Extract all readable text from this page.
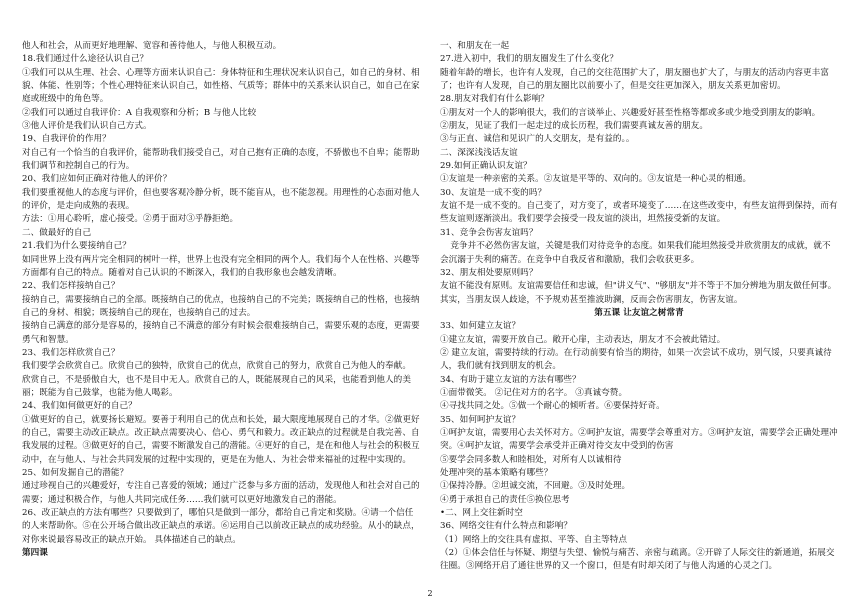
他人和社会，从而更好地理解、宽容和善待他人，与他人积极互动。

18.我们通过什么途径认识自己？

①我们可以从生理、社会、心理等方面来认识自己：身体特征和生理状况来认识自己，如自己的身材、相貌、体能、性别等；个性心理特征来认识自己，如性格、气质等；群体中的关系来认识自己，如自己在家庭或班级中的角色等。

②我们可以通过自我评价：A 自我观察和分析；B 与他人比较

③他人评价是我们认识自己方式。

19、自我评价的作用？

对自己有一个恰当的自我评价，能帮助我们接受自己，对自己抱有正确的态度，不骄傲也不自卑；能帮助我们调节和控制自己的行为。

20、我们应如何正确对待他人的评价？

我们要重视他人的态度与评价，但也要客观冷静分析，既不能盲从，也不能忽视。用理性的心态面对他人的评价，是走向成熟的表现。

方法：①用心聆听，虚心接受。②勇于面对③乎静拒绝。

二、做最好的自己

21.我们为什么要接纳自己？

如同世界上没有两片完全相同的树叶一样，世界上也没有完全相同的两个人。我们每个人在性格、兴趣等方面都有自己的特点。随着对自己认识的不断深入，我们的自我形象也会越发清晰。

22、我们怎样接纳自己？

接纳自己，需要接纳自己的全部。既接纳自己的优点，也接纳自己的不完美；既接纳自己的性格，也接纳自己的身材、相貌；既接纳自己的现在，也接纳自己的过去。

接纳自己满意的部分是容易的，接纳自己不满意的部分有时候会很难接纳自己，需要乐观的态度，更需要勇气和智慧。

23、我们怎样欣赏自己？

我们要学会欣赏自己。欣赏自己的独特，欣赏自己的优点，欣赏自己的努力，欣赏自己为他人的奉献。

欣赏自己，不是骄傲自大，也不是目中无人。欣赏自己的人，既能展现自己的风采，也能看到他人的美丽；既能为自己鼓掌，也能为他人喝彩。

24、我们如何做更好的自己？

①做更好的自己，就要扬长避短。要善于利用自己的优点和长处，最大限度地展现自己的才华。②做更好的自己，需要主动改正缺点。改正缺点需要决心、信心、勇气和毅力。改正缺点的过程就是自我完善、自我发展的过程。③做更好的自己，需要不断激发自己的潜能。④更好的自己，是在和他人与社会的积极互动中，在与他人、与社会共同发展的过程中实现的，更是在为他人、为社会带来福祉的过程中实现的。

25、如何发掘自己的潜能？

通过珍视自己的兴趣爱好，专注自己喜爱的领域；通过广泛参与多方面的活动，发现他人和社会对自己的需要；通过积极合作，与他人共同完成任务……我们就可以更好地激发自己的潜能。

26、改正缺点的方法有哪些？只要做到了，哪怕只是做到一部分，都给自己肯定和奖励。④请一个信任的人来帮助你。⑤在公开场合做出改正缺点的承诺。⑥运用自己以前改正缺点的成功经验。从小的缺点，对你来说最容易改正的缺点开始。 具体描述自己的缺点。

第四课

一、和朋友在一起

27.进入初中，我们的朋友圈发生了什么变化？

随着年龄的增长，也许有人发现，自己的交往范围扩大了，朋友圈也扩大了，与朋友的活动内容更丰富了；也许有人发现，自己的朋友圈比以前要小了，但是交往更加深入，朋友关系更加密切。

28.朋友对我们有什么影响？

①朋友对一个人的影响很大，我们的言谈举止、兴趣爱好甚至性格等都或多或少地受到朋友的影响。

②朋友，见证了我们一起走过的成长历程，我们需要真诚友善的朋友。

③与正直、诚信和见识广的人交朋友，是有益的。。

二、深深浅浅话友谊

29.如何正确认识友谊？

①友谊是一种亲密的关系。②友谊是平等的、双向的。③友谊是一种心灵的相通。

30、友谊是一成不变的吗？

友谊不是一成不变的。自己变了，对方变了，或者环境变了……在这些改变中，有些友谊得到保持，而有些友谊则逐渐淡出。我们要学会接受一段友谊的淡出，坦然接受新的友谊。

31、竞争会伤害友谊吗？

竞争并不必然伤害友谊，关键是我们对待竞争的态度。如果我们能坦然接受并欣赏朋友的成就，就不会沉溺于失利的痛苦。在竞争中自我反省和激励，我们会收获更多。

32、朋友相处要原则吗？

友谊不能没有原则。友谊需要信任和忠诚，但"讲义气"、"够朋友"并不等于不加分辨地为朋友做任何事。其实，当朋友误人歧途，不予规劝甚至推波助澜，反而会伤害朋友，伤害友谊。

第五课 让友谊之树常青

33、如何建立友谊？

①建立友谊，需要开放自己。敞开心扉，主动表达，朋友才不会被此错过。

② 建立友谊，需要持续的行动。在行动前要有恰当的期待，如果一次尝试不成功，别气馁，只要真诚待人，我们就有找到朋友的机会。

34、有助于建立友谊的方法有哪些？

①面带微笑。 ②记住对方的名字。 ③真诚夸赞。

④寻找共同之处。⑤做一个耐心的倾听者。⑥要保持好奇。

35、如何呵护友谊？

①呵护友谊，需要用心去关怀对方。②呵护友谊，需要学会尊重对方。③呵护友谊，需要学会正确处理冲突。④呵护友谊，需要学会承受并正确对待交友中受到的伤害

⑤要学会同多数人和睦相处，对所有人以诚相待

处理冲突的基本策略有哪些？

①保持冷静。②坦诚交流，不回避。③及时处理。

④勇于承担自己的责任⑤换位思考

•二、网上交往新时空

36、网络交往有什么特点和影响？

（1）网络上的交往具有虚拟、平等、自主等特点

（2）①体会信任与怀疑、期望与失望、愉悦与痛苦、亲密与疏离。②开辟了人际交往的新通道，拓展交往圈。③网络开启了通往世界的又一个窗口，但是有时却关闭了与他人沟通的心灵之门。

2
